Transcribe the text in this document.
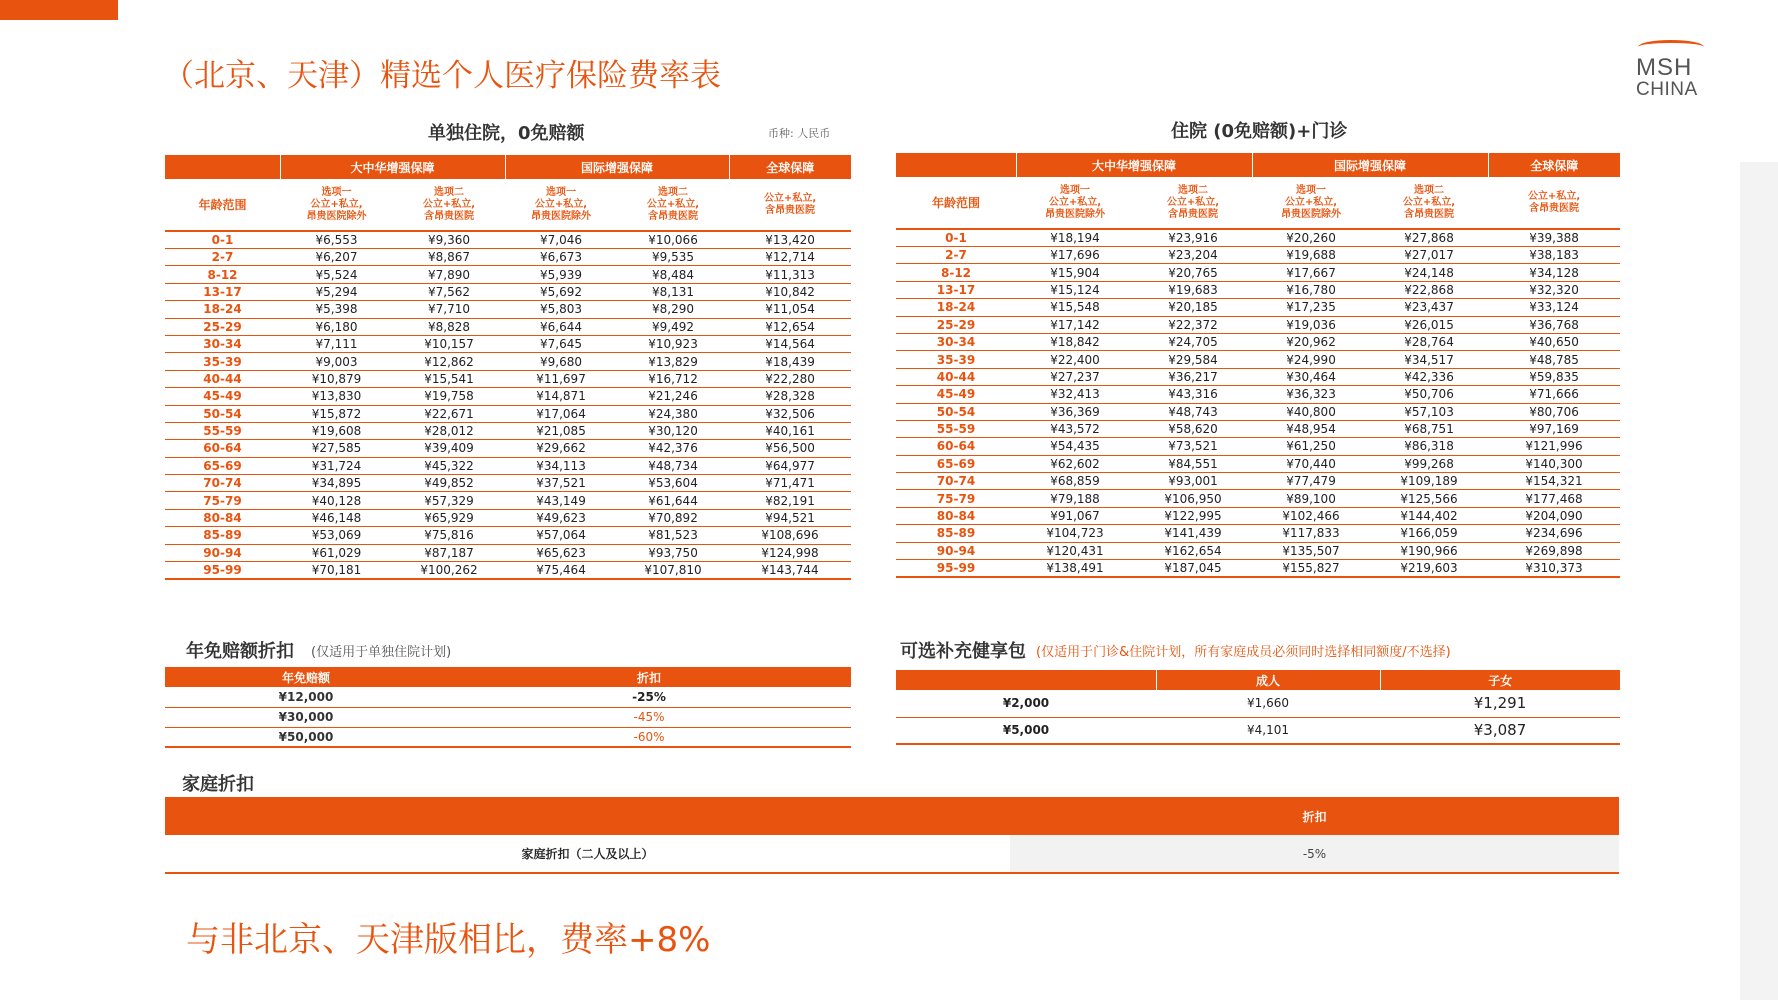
（北京、天津）精选个人医疗保险费率表	MSH
CHINA
单独住院，0免赔额	币种: 人民币
	大中华增强保障		国际增强保障		全球保障
年龄范围	选项一
公立+私立,
昂贵医院除外	选项二
公立+私立,
含昂贵医院	选项一
公立+私立,
昂贵医院除外	选项二
公立+私立,
含昂贵医院	公立+私立,
含昂贵医院
0-1	¥6,553	¥9,360	¥7,046	¥10,066	¥13,420
2-7	¥6,207	¥8,867	¥6,673	¥9,535	¥12,714
8-12	¥5,524	¥7,890	¥5,939	¥8,484	¥11,313
13-17	¥5,294	¥7,562	¥5,692	¥8,131	¥10,842
18-24	¥5,398	¥7,710	¥5,803	¥8,290	¥11,054
25-29	¥6,180	¥8,828	¥6,644	¥9,492	¥12,654
30-34	¥7,111	¥10,157	¥7,645	¥10,923	¥14,564
35-39	¥9,003	¥12,862	¥9,680	¥13,829	¥18,439
40-44	¥10,879	¥15,541	¥11,697	¥16,712	¥22,280
45-49	¥13,830	¥19,758	¥14,871	¥21,246	¥28,328
50-54	¥15,872	¥22,671	¥17,064	¥24,380	¥32,506
55-59	¥19,608	¥28,012	¥21,085	¥30,120	¥40,161
60-64	¥27,585	¥39,409	¥29,662	¥42,376	¥56,500
65-69	¥31,724	¥45,322	¥34,113	¥48,734	¥64,977
70-74	¥34,895	¥49,852	¥37,521	¥53,604	¥71,471
75-79	¥40,128	¥57,329	¥43,149	¥61,644	¥82,191
80-84	¥46,148	¥65,929	¥49,623	¥70,892	¥94,521
85-89	¥53,069	¥75,816	¥57,064	¥81,523	¥108,696
90-94	¥61,029	¥87,187	¥65,623	¥93,750	¥124,998
95-99	¥70,181	¥100,262	¥75,464	¥107,810	¥143,744
住院 (0免赔额)+门诊
	大中华增强保障		国际增强保障		全球保障
年龄范围	选项一
公立+私立,
昂贵医院除外	选项二
公立+私立,
含昂贵医院	选项一
公立+私立,
昂贵医院除外	选项二
公立+私立,
含昂贵医院	公立+私立,
含昂贵医院
0-1	¥18,194	¥23,916	¥20,260	¥27,868	¥39,388
2-7	¥17,696	¥23,204	¥19,688	¥27,017	¥38,183
8-12	¥15,904	¥20,765	¥17,667	¥24,148	¥34,128
13-17	¥15,124	¥19,683	¥16,780	¥22,868	¥32,320
18-24	¥15,548	¥20,185	¥17,235	¥23,437	¥33,124
25-29	¥17,142	¥22,372	¥19,036	¥26,015	¥36,768
30-34	¥18,842	¥24,705	¥20,962	¥28,764	¥40,650
35-39	¥22,400	¥29,584	¥24,990	¥34,517	¥48,785
40-44	¥27,237	¥36,217	¥30,464	¥42,336	¥59,835
45-49	¥32,413	¥43,316	¥36,323	¥50,706	¥71,666
50-54	¥36,369	¥48,743	¥40,800	¥57,103	¥80,706
55-59	¥43,572	¥58,620	¥48,954	¥68,751	¥97,169
60-64	¥54,435	¥73,521	¥61,250	¥86,318	¥121,996
65-69	¥62,602	¥84,551	¥70,440	¥99,268	¥140,300
70-74	¥68,859	¥93,001	¥77,479	¥109,189	¥154,321
75-79	¥79,188	¥106,950	¥89,100	¥125,566	¥177,468
80-84	¥91,067	¥122,995	¥102,466	¥144,402	¥204,090
85-89	¥104,723	¥141,439	¥117,833	¥166,059	¥234,696
90-94	¥120,431	¥162,654	¥135,507	¥190,966	¥269,898
95-99	¥138,491	¥187,045	¥155,827	¥219,603	¥310,373
年免赔额折扣 (仅适用于单独住院计划)
年免赔额	折扣
¥12,000	-25%
¥30,000	-45%
¥50,000	-60%
可选补充健享包 (仅适用于门诊&住院计划，所有家庭成员必须同时选择相同额度/不选择)
	成人	子女
¥2,000	¥1,660	¥1,291
¥5,000	¥4,101	¥3,087
家庭折扣
	折扣
家庭折扣（二人及以上）	-5%
与非北京、天津版相比，费率+8%
